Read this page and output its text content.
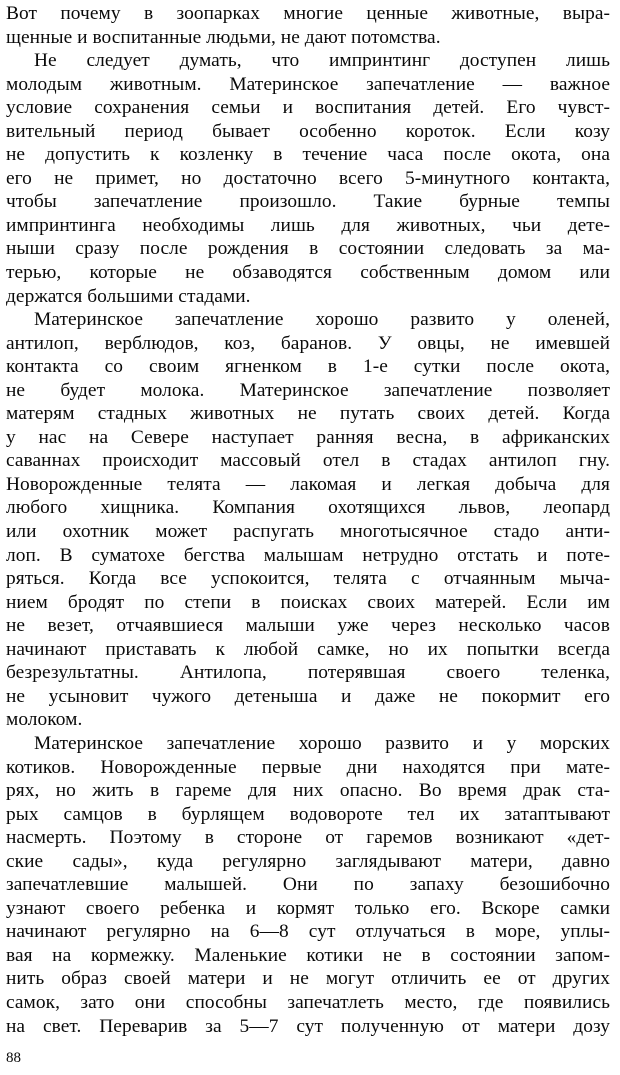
Вот почему в зоопарках многие ценные животные, выра-
щенные и воспитанные людьми, не дают потомства.
Не следует думать, что импринтинг доступен лишь
молодым животным. Материнское запечатление — важное
условие сохранения семьи и воспитания детей. Его чувст-
вительный период бывает особенно короток. Если козу
не допустить к козленку в течение часа после окота, она
его не примет, но достаточно всего 5-минутного контакта,
чтобы запечатление произошло. Такие бурные темпы
импринтинга необходимы лишь для животных, чьи детe-
ныши сразу после рождения в состоянии следовать за ма-
терью, которые не обзаводятся собственным домом или
держатся большими стадами.
Материнское запечатление хорошо развито у оленей,
антилоп, верблюдов, коз, баранов. У овцы, не имевшей
контакта со своим ягненком в 1-е сутки после окота,
не будет молока. Материнское запечатление позволяет
матерям стадных животных не путать своих детей. Когда
у нас на Севере наступает ранняя весна, в африканских
саваннах происходит массовый отел в стадах антилоп гну.
Новорожденные телята — лакомая и легкая добыча для
любого хищника. Компания охотящихся львов, леопард
или охотник может распугать многотысячное стадо анти-
лоп. В суматохе бегства малышам нетрудно отстать и поте-
ряться. Когда все успокоится, телята с отчаянным мыча-
нием бродят по степи в поисках своих матерей. Если им
не везет, отчаявшиеся малыши уже через несколько часов
начинают приставать к любой самке, но их попытки всегда
безрезультатны. Антилопа, потерявшая своего теленка,
не усыновит чужого детеныша и даже не покормит его
молоком.
Материнское запечатление хорошо развито и у морских
котиков. Новорожденные первые дни находятся при мате-
рях, но жить в гареме для них опасно. Во время драк ста-
рых самцов в бурлящем водовороте тел их затаптывают
насмерть. Поэтому в стороне от гаремов возникают «дет-
ские сады», куда регулярно заглядывают матери, давно
запечатлевшие малышей. Они по запаху безошибочно
узнают своего ребенка и кормят только его. Вскоре самки
начинают регулярно на 6—8 сут отлучаться в море, уплы-
вая на кормежку. Маленькие котики не в состоянии запом-
нить образ своей матери и не могут отличить ее от других
самок, зато они способны запечатлеть место, где появились
на свет. Переварив за 5—7 сут полученную от матери дозу
88
